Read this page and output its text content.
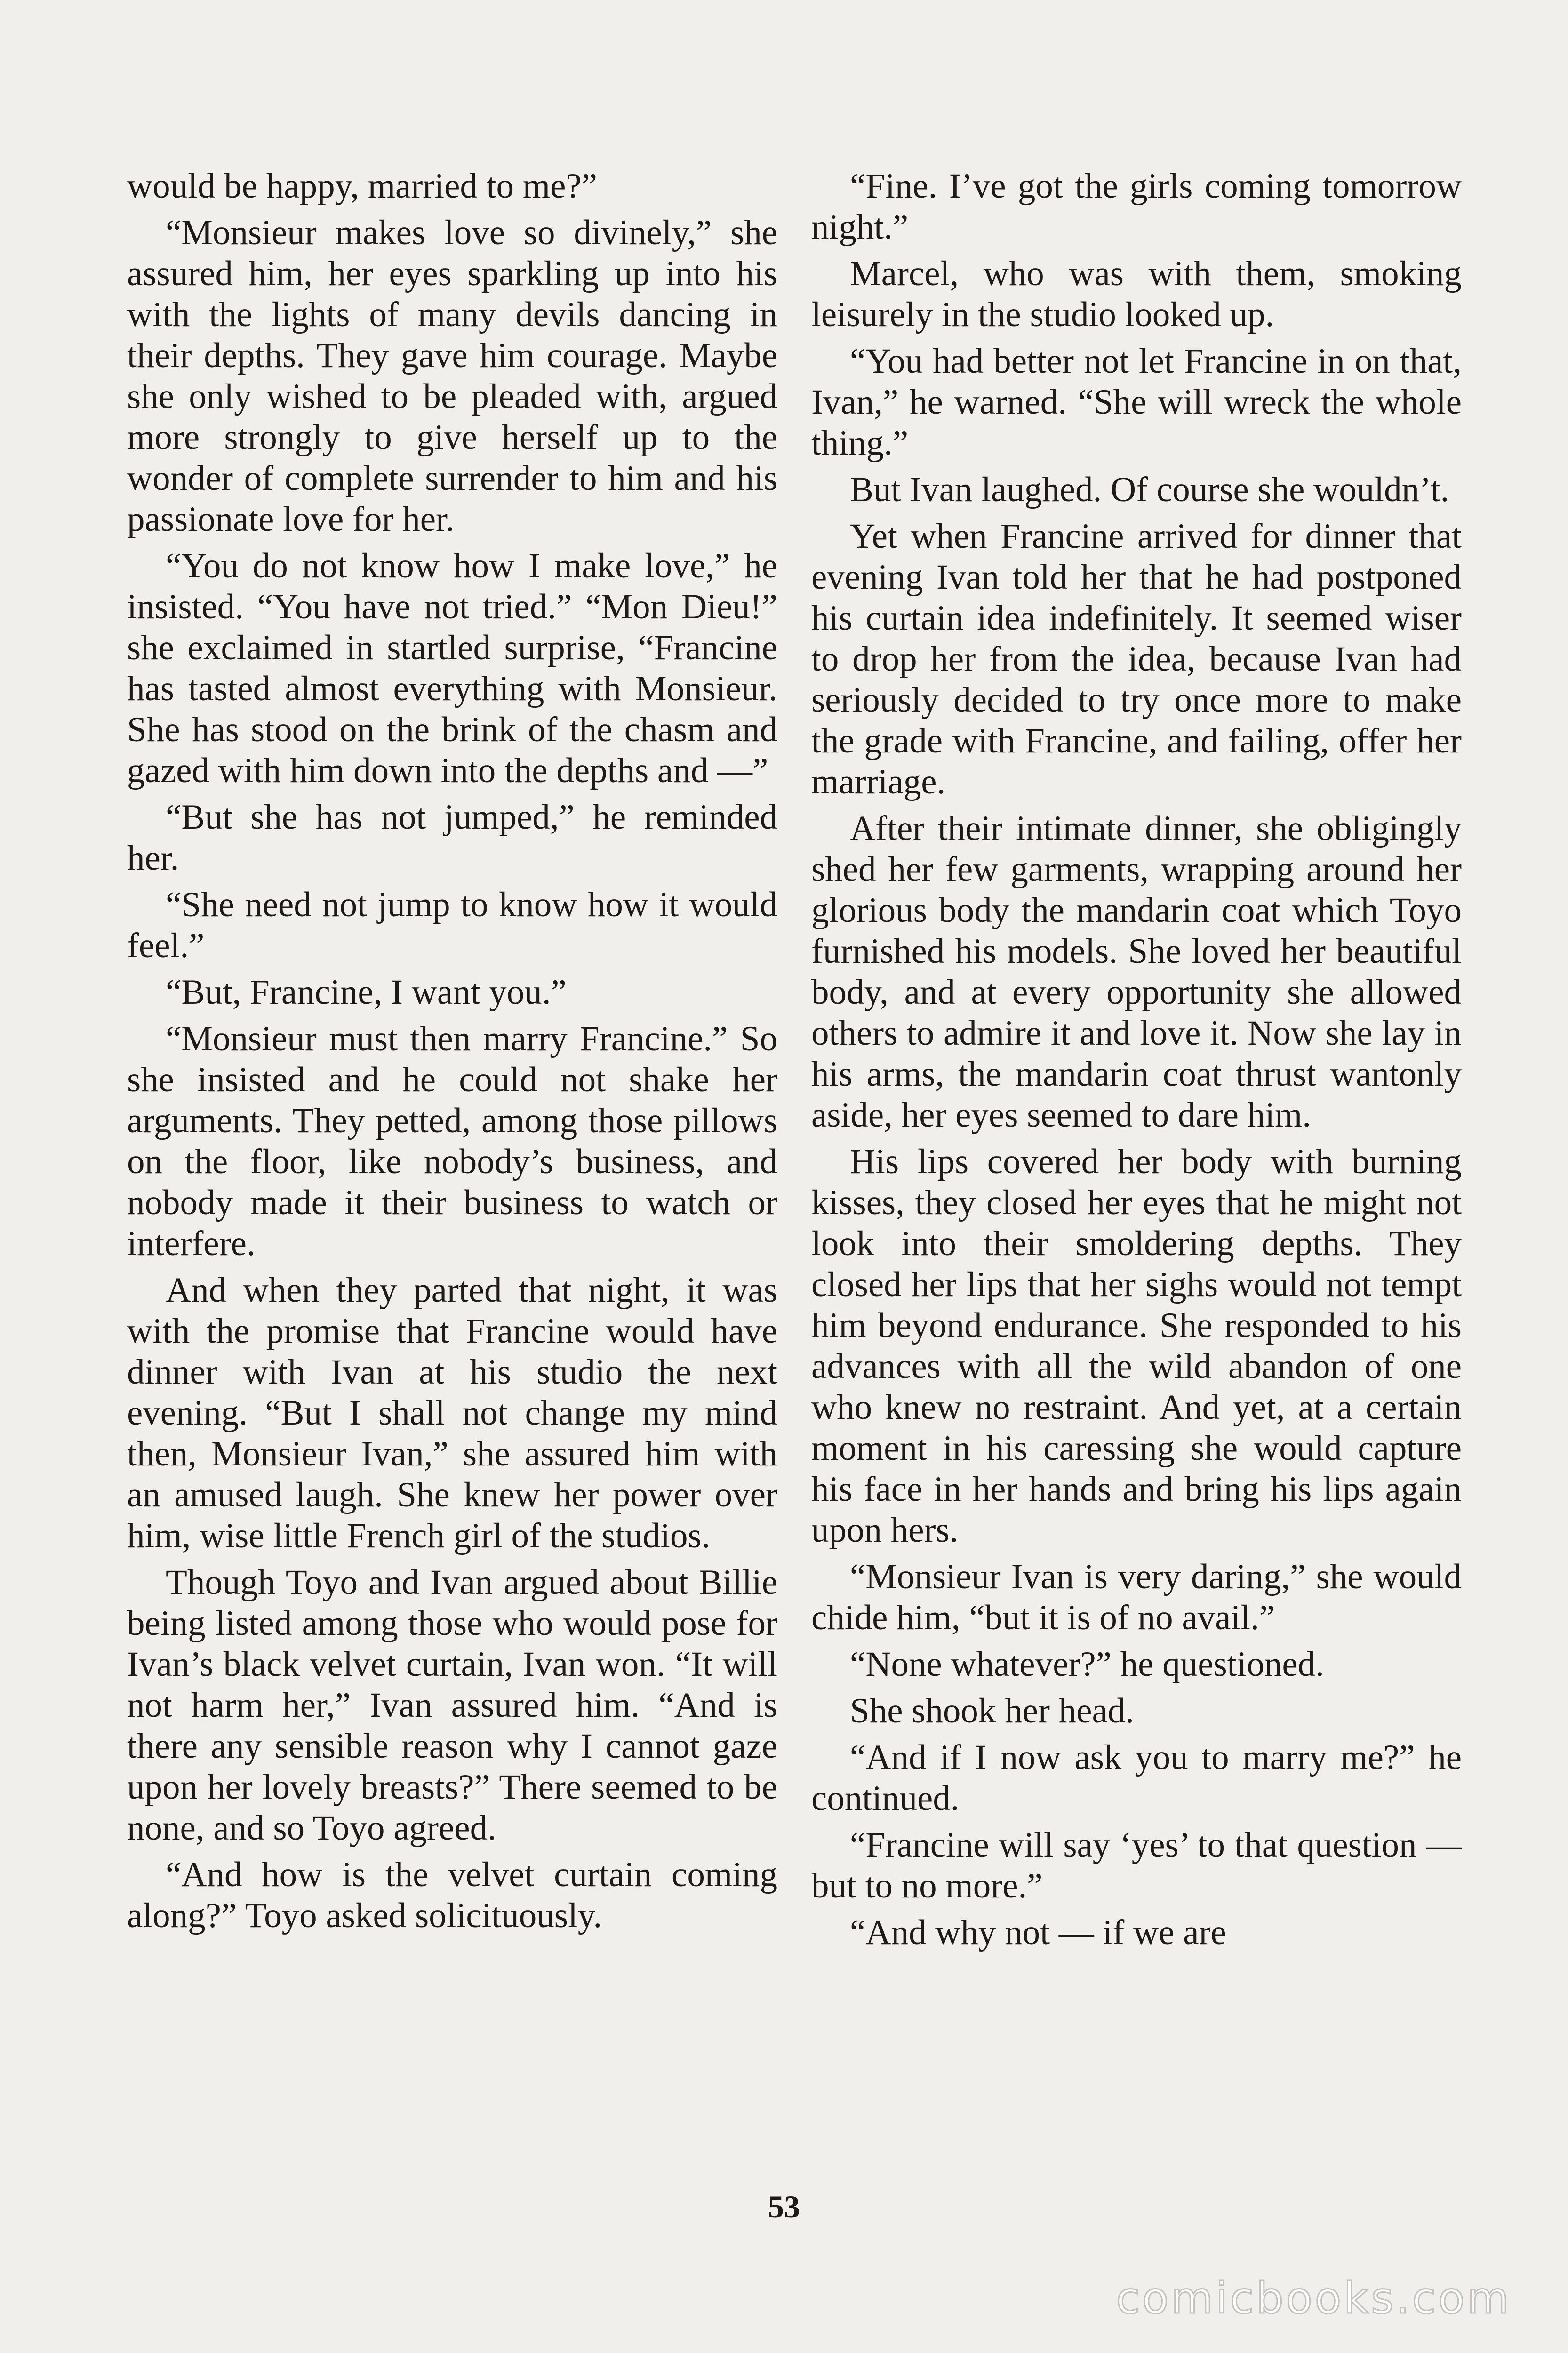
would be happy, married to me?”

“Monsieur makes love so divinely,” she assured him, her eyes sparkling up into his with the lights of many devils dancing in their depths. They gave him courage. Maybe she only wished to be pleaded with, argued more strongly to give herself up to the wonder of complete surrender to him and his passionate love for her.

“You do not know how I make love,” he insisted. “You have not tried.” “Mon Dieu!” she exclaimed in startled surprise, “Francine has tasted almost everything with Monsieur. She has stood on the brink of the chasm and gazed with him down into the depths and —”

“But she has not jumped,” he reminded her.

“She need not jump to know how it would feel.”

“But, Francine, I want you.”

“Monsieur must then marry Francine.” So she insisted and he could not shake her arguments. They petted, among those pillows on the floor, like nobody’s business, and nobody made it their business to watch or interfere.

And when they parted that night, it was with the promise that Francine would have dinner with Ivan at his studio the next evening. “But I shall not change my mind then, Monsieur Ivan,” she assured him with an amused laugh. She knew her power over him, wise little French girl of the studios.

Though Toyo and Ivan argued about Billie being listed among those who would pose for Ivan’s black velvet curtain, Ivan won. “It will not harm her,” Ivan assured him. “And is there any sensible reason why I cannot gaze upon her lovely breasts?” There seemed to be none, and so Toyo agreed.

“And how is the velvet curtain coming along?” Toyo asked solicituously.

“Fine. I’ve got the girls coming tomorrow night.”

Marcel, who was with them, smoking leisurely in the studio looked up.

“You had better not let Francine in on that, Ivan,” he warned. “She will wreck the whole thing.”

But Ivan laughed. Of course she wouldn’t.

Yet when Francine arrived for dinner that evening Ivan told her that he had postponed his curtain idea indefinitely. It seemed wiser to drop her from the idea, because Ivan had seriously decided to try once more to make the grade with Francine, and failing, offer her marriage.

After their intimate dinner, she obligingly shed her few garments, wrapping around her glorious body the mandarin coat which Toyo furnished his models. She loved her beautiful body, and at every opportunity she allowed others to admire it and love it. Now she lay in his arms, the mandarin coat thrust wantonly aside, her eyes seemed to dare him.

His lips covered her body with burning kisses, they closed her eyes that he might not look into their smoldering depths. They closed her lips that her sighs would not tempt him beyond endurance. She responded to his advances with all the wild abandon of one who knew no restraint. And yet, at a certain moment in his caressing she would capture his face in her hands and bring his lips again upon hers.

“Monsieur Ivan is very daring,” she would chide him, “but it is of no avail.”

“None whatever?” he questioned.

She shook her head.

“And if I now ask you to marry me?” he continued.

“Francine will say ‘yes’ to that question — but to no more.”

“And why not — if we are

53
comicbooks.com
